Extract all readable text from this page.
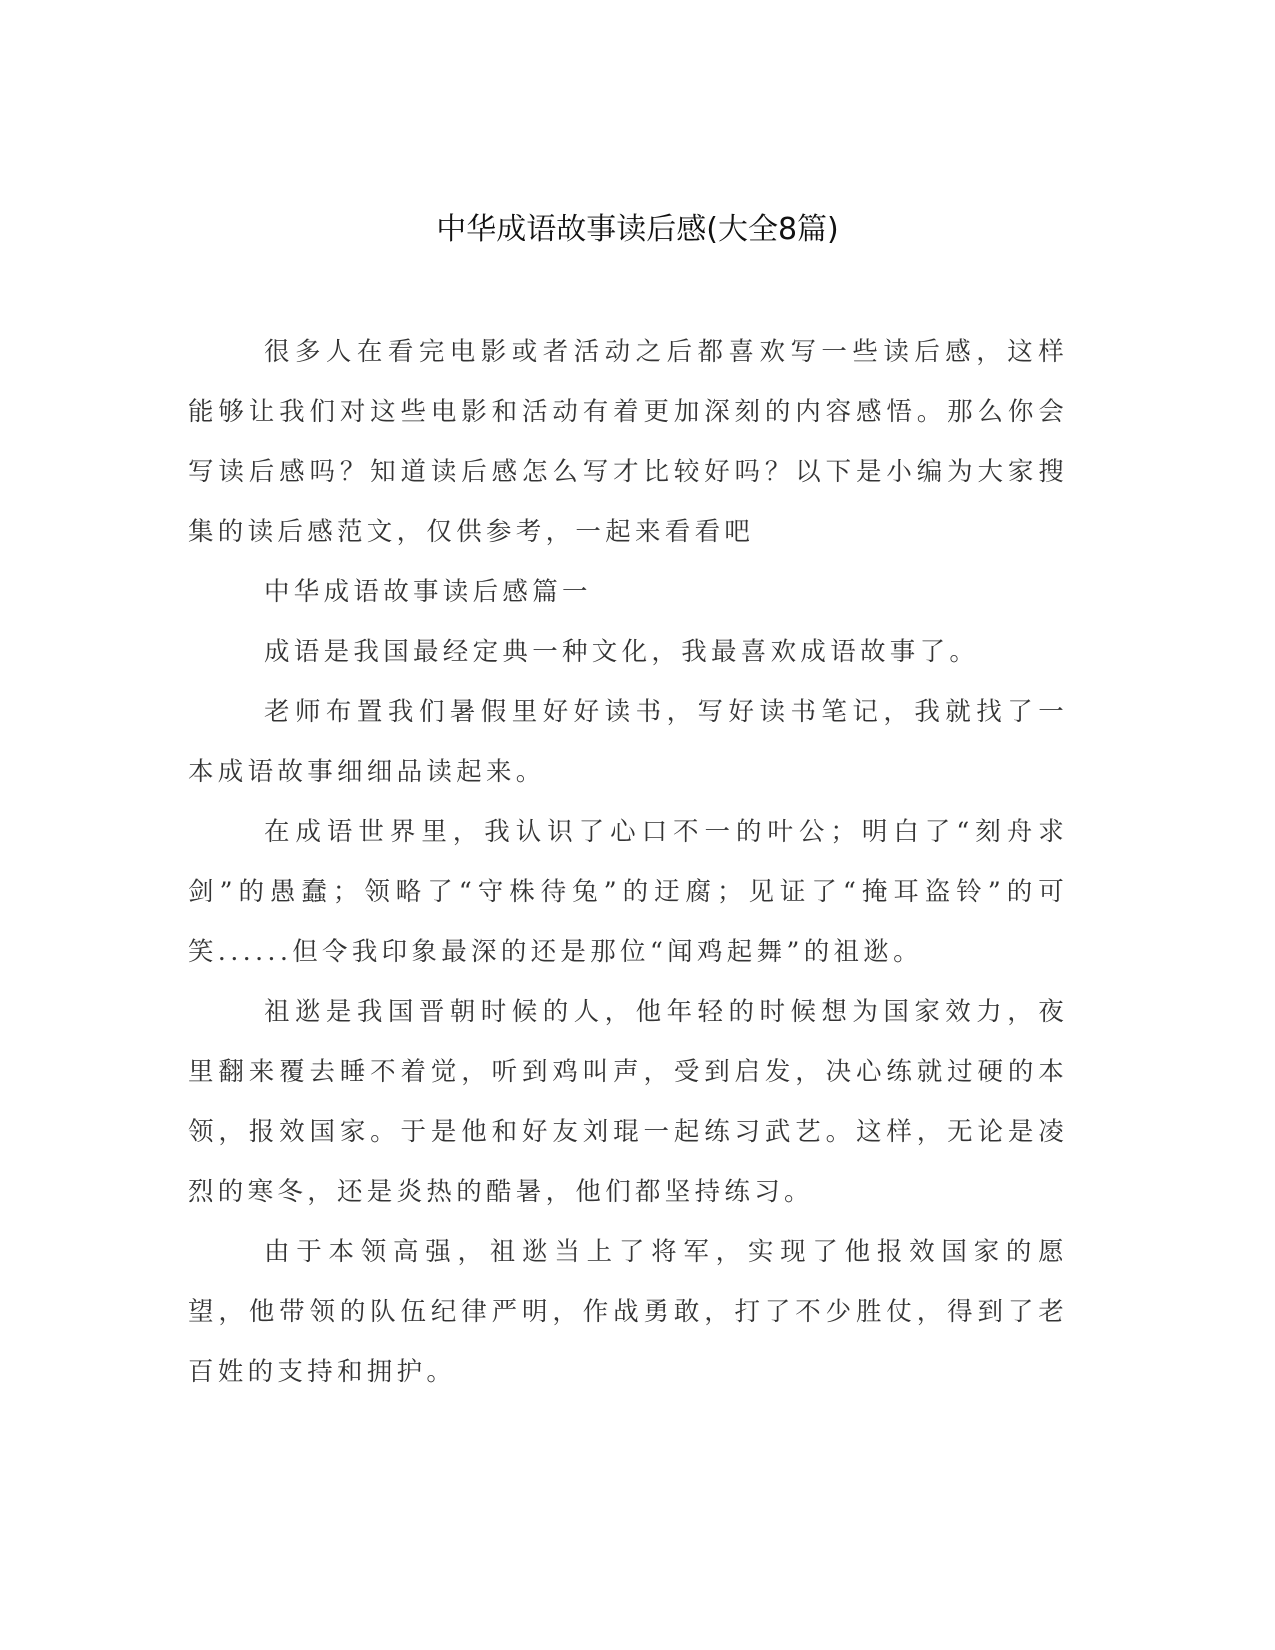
中华成语故事读后感(大全8篇)

很多人在看完电影或者活动之后都喜欢写一些读后感，这样能够让我们对这些电影和活动有着更加深刻的内容感悟。那么你会写读后感吗？知道读后感怎么写才比较好吗？以下是小编为大家搜集的读后感范文，仅供参考，一起来看看吧

中华成语故事读后感篇一

成语是我国最经定典一种文化，我最喜欢成语故事了。

老师布置我们暑假里好好读书，写好读书笔记，我就找了一本成语故事细细品读起来。

在成语世界里，我认识了心口不一的叶公；明白了“刻舟求剑”的愚蠢；领略了“守株待兔”的迂腐；见证了“掩耳盗铃”的可笑......但令我印象最深的还是那位“闻鸡起舞”的祖逖。

祖逖是我国晋朝时候的人，他年轻的时候想为国家效力，夜里翻来覆去睡不着觉，听到鸡叫声，受到启发，决心练就过硬的本领，报效国家。于是他和好友刘琨一起练习武艺。这样，无论是凌烈的寒冬，还是炎热的酷暑，他们都坚持练习。

由于本领高强，祖逖当上了将军，实现了他报效国家的愿望，他带领的队伍纪律严明，作战勇敢，打了不少胜仗，得到了老百姓的支持和拥护。
